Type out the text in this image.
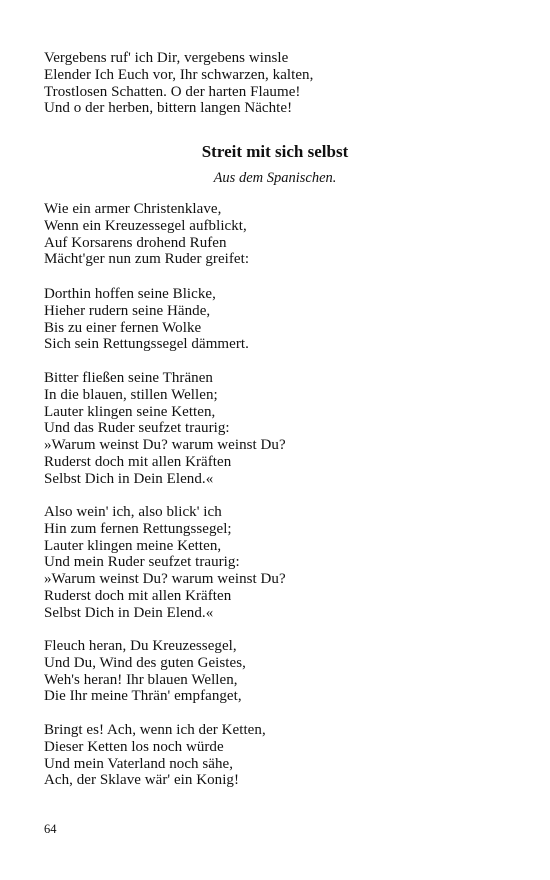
Vergebens ruf' ich Dir, vergebens winsle
Elender Ich Euch vor, Ihr schwarzen, kalten,
Trostlosen Schatten. O der harten Flaume!
Und o der herben, bittern langen Nächte!
Streit mit sich selbst

Aus dem Spanischen.

Wie ein armer Christenklave,
Wenn ein Kreuzessegel aufblickt,
Auf Korsarens drohend Rufen
Mächt'ger nun zum Ruder greifet:
Dorthin hoffen seine Blicke,
Hieher rudern seine Hände,
Bis zu einer fernen Wolke
Sich sein Rettungssegel dämmert.
Bitter fließen seine Thränen
In die blauen, stillen Wellen;
Lauter klingen seine Ketten,
Und das Ruder seufzet traurig:
»Warum weinst Du? warum weinst Du?
Ruderst doch mit allen Kräften
Selbst Dich in Dein Elend.«
Also wein' ich, also blick' ich
Hin zum fernen Rettungssegel;
Lauter klingen meine Ketten,
Und mein Ruder seufzet traurig:
»Warum weinst Du? warum weinst Du?
Ruderst doch mit allen Kräften
Selbst Dich in Dein Elend.«
Fleuch heran, Du Kreuzessegel,
Und Du, Wind des guten Geistes,
Weh's heran! Ihr blauen Wellen,
Die Ihr meine Thrän' empfanget,
Bringt es! Ach, wenn ich der Ketten,
Dieser Ketten los noch würde
Und mein Vaterland noch sähe,
Ach, der Sklave wär' ein Konig!
64
